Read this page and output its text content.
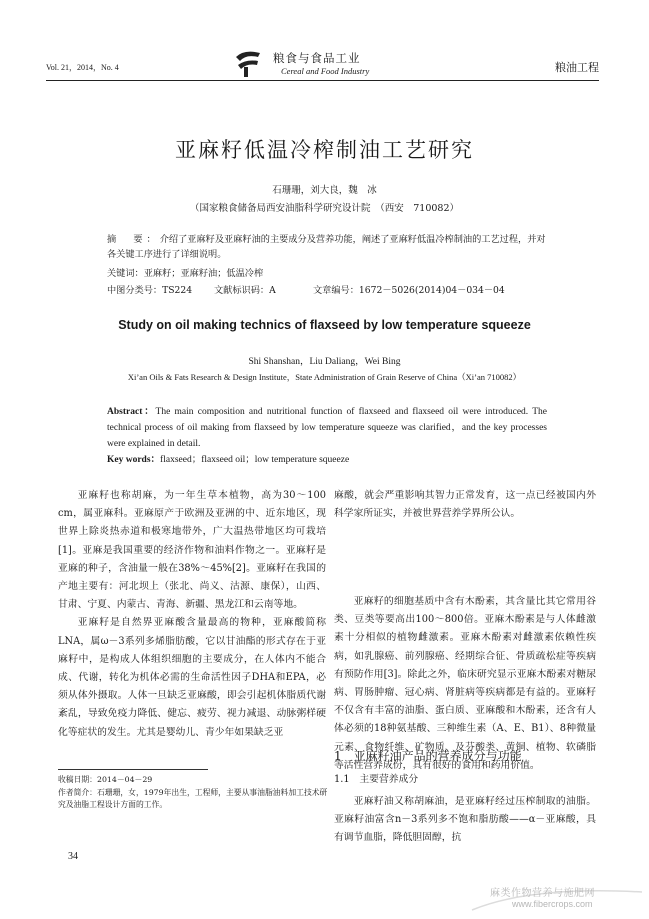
Vol. 21，2014，No. 4
粮食与食品工业
Cereal and Food Industry	粮油工程
亚麻籽低温冷榨制油工艺研究
石珊珊，刘大良，魏　冰
（国家粮食储备局西安油脂科学研究设计院　（西安　710082）
摘　要：介绍了亚麻籽及亚麻籽油的主要成分及营养功能，阐述了亚麻籽低温冷榨制油的工艺过程，并对各关键工序进行了详细说明。
关键词：亚麻籽；亚麻籽油；低温冷榨
中图分类号：TS224 文献标识码：A	文章编号：1672－5026(2014)04－034－04
Study on oil making technics of flaxseed by low temperature squeeze
Shi Shanshan，Liu Daliang，Wei Bing
Xi’an Oils & Fats Research & Design Institute，State Administration of Grain Reserve of China（Xi’an 710082）
Abstract：The main composition and nutritional function of flaxseed and flaxseed oil were introduced. The technical process of oil making from flaxseed by low temperature squeeze was clarified，and the key processes were explained in detail.
Key words：flaxseed；flaxseed oil；low temperature squeeze

亚麻籽也称胡麻，为一年生草本植物，高为30～100 cm，属亚麻科。亚麻原产于欧洲及亚洲的中、近东地区，现世界上除炎热赤道和极寒地带外，广大温热带地区均可栽培[1]。亚麻是我国重要的经济作物和油料作物之一。亚麻籽是亚麻的种子，含油量一般在38%～45%[2]。亚麻籽在我国的产地主要有：河北坝上（张北、尚义、沽源、康保），山西、甘肃、宁夏、内蒙古、青海、新疆、黑龙江和云南等地。

亚麻籽是自然界亚麻酸含量最高的物种，亚麻酸简称LNA，属ω－3系列多烯脂肪酸，它以甘油酯的形式存在于亚麻籽中，是构成人体组织细胞的主要成分，在人体内不能合成、代谢，转化为机体必需的生命活性因子DHA和EPA，必须从体外摄取。人体一旦缺乏亚麻酸，即会引起机体脂质代谢紊乱，导致免疫力降低、健忘、疲劳、视力减退、动脉粥样硬化等症状的发生。尤其是婴幼儿、青少年如果缺乏亚

麻酸，就会严重影响其智力正常发育，这一点已经被国内外科学家所证实，并被世界营养学界所公认。

亚麻籽的细胞基质中含有木酚素，其含量比其它常用谷类、豆类等要高出100～800倍。亚麻木酚素是与人体雌激素十分相似的植物雌激素。亚麻木酚素对雌激素依赖性疾病，如乳腺癌、前列腺癌、经期综合征、骨质疏松症等疾病有预防作用[3]。除此之外，临床研究显示亚麻木酚素对糖尿病、胃肠肿瘤、冠心病、肾脏病等疾病都是有益的。亚麻籽不仅含有丰富的油脂、蛋白质、亚麻酸和木酚素，还含有人体必须的18种氨基酸、三种维生素（A、E、B1）、8种微量元素、食物纤维、矿物质、及芬酸类、黄铜、植物、软磷脂等活性营养成份，具有很好的食用和药用价值。

1　亚麻籽油产品的营养成分与功能
1.1　主要营养成分

亚麻籽油又称胡麻油，是亚麻籽经过压榨制取的油脂。亚麻籽油富含n－3系列多不饱和脂肪酸——α－亚麻酸，具有调节血脂，降低胆固醇，抗

收稿日期：2014－04－29

作者简介：石珊珊，女，1979年出生，工程师，主要从事油脂油料加工技术研究及油脂工程设计方面的工作。

34
麻类作物营养与施肥网
www.fibercrops.com
